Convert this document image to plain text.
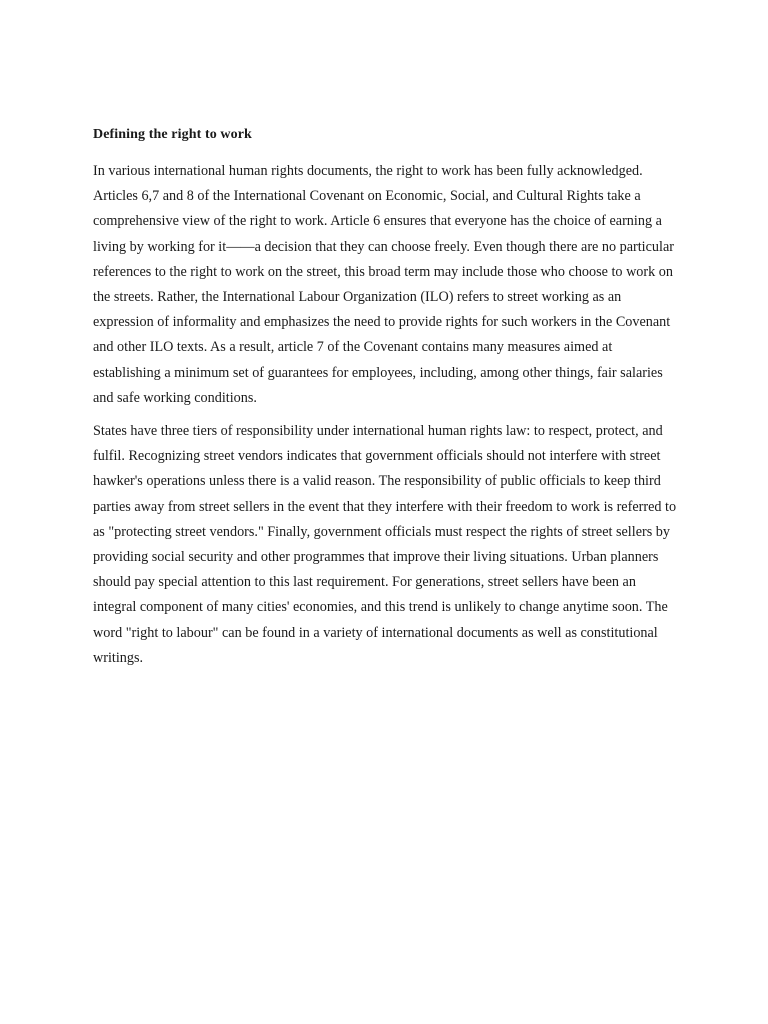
Defining the right to work

In various international human rights documents, the right to work has been fully acknowledged. Articles 6,7 and 8 of the International Covenant on Economic, Social, and Cultural Rights take a comprehensive view of the right to work. Article 6 ensures that everyone has the choice of earning a living by working for it——a decision that they can choose freely. Even though there are no particular references to the right to work on the street, this broad term may include those who choose to work on the streets. Rather, the International Labour Organization (ILO) refers to street working as an expression of informality and emphasizes the need to provide rights for such workers in the Covenant and other ILO texts. As a result, article 7 of the Covenant contains many measures aimed at establishing a minimum set of guarantees for employees, including, among other things, fair salaries and safe working conditions.

States have three tiers of responsibility under international human rights law: to respect, protect, and fulfil. Recognizing street vendors indicates that government officials should not interfere with street hawker's operations unless there is a valid reason. The responsibility of public officials to keep third parties away from street sellers in the event that they interfere with their freedom to work is referred to as "protecting street vendors." Finally, government officials must respect the rights of street sellers by providing social security and other programmes that improve their living situations. Urban planners should pay special attention to this last requirement. For generations, street sellers have been an integral component of many cities' economies, and this trend is unlikely to change anytime soon. The word "right to labour" can be found in a variety of international documents as well as constitutional writings.
